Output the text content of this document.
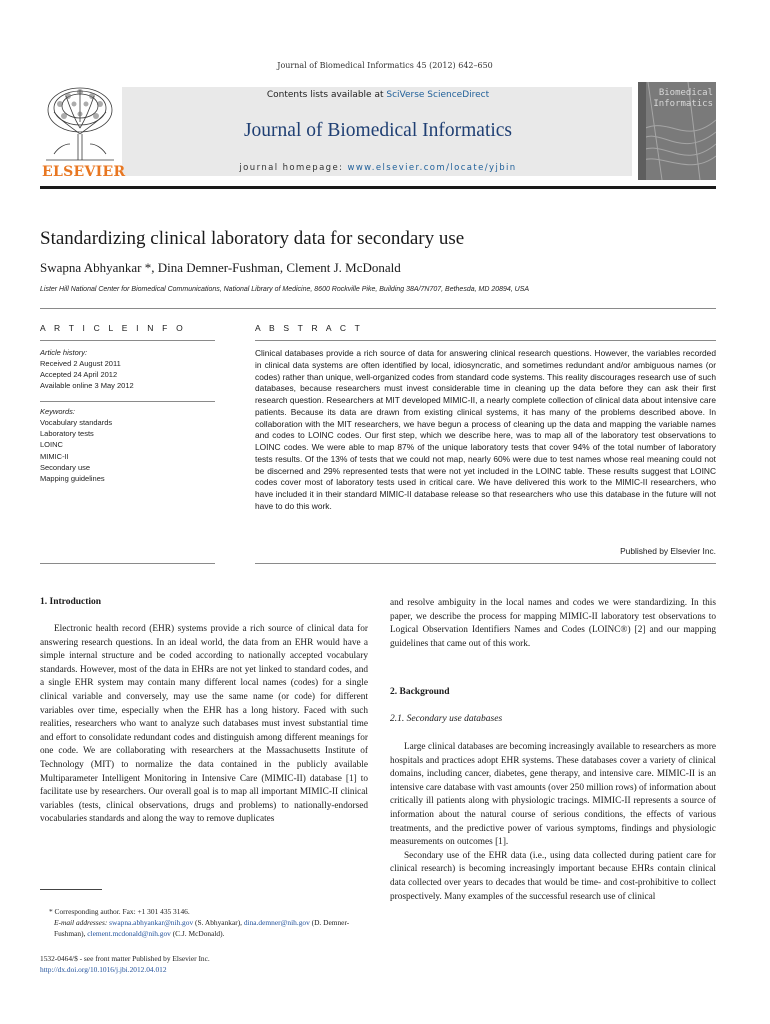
Journal of Biomedical Informatics 45 (2012) 642–650
ELSEVIER
Contents lists available at SciVerse ScienceDirect
Journal of Biomedical Informatics
journal homepage: www.elsevier.com/locate/yjbin
Biomedical
Informatics
Standardizing clinical laboratory data for secondary use
Swapna Abhyankar *, Dina Demner-Fushman, Clement J. McDonald
Lister Hill National Center for Biomedical Communications, National Library of Medicine, 8600 Rockville Pike, Building 38A/7N707, Bethesda, MD 20894, USA
A R T I C L E I N F O
Article history:
Received 2 August 2011
Accepted 24 April 2012
Available online 3 May 2012
Keywords:
Vocabulary standards
Laboratory tests
LOINC
MIMIC-II
Secondary use
Mapping guidelines
A B S T R A C T
Clinical databases provide a rich source of data for answering clinical research questions. However, the variables recorded in clinical data systems are often identified by local, idiosyncratic, and sometimes redundant and/or ambiguous names (or codes) rather than unique, well-organized codes from standard code systems. This reality discourages research use of such databases, because researchers must invest considerable time in cleaning up the data before they can ask their first research question. Researchers at MIT developed MIMIC-II, a nearly complete collection of clinical data about intensive care patients. Because its data are drawn from existing clinical systems, it has many of the problems described above. In collaboration with the MIT researchers, we have begun a process of cleaning up the data and mapping the variable names and codes to LOINC codes. Our first step, which we describe here, was to map all of the laboratory test observations to LOINC codes. We were able to map 87% of the unique laboratory tests that cover 94% of the total number of laboratory tests results. Of the 13% of tests that we could not map, nearly 60% were due to test names whose real meaning could not be discerned and 29% represented tests that were not yet included in the LOINC table. These results suggest that LOINC codes cover most of laboratory tests used in critical care. We have delivered this work to the MIMIC-II researchers, who have included it in their standard MIMIC-II database release so that researchers who use this database in the future will not have to do this work.
Published by Elsevier Inc.
1. Introduction

Electronic health record (EHR) systems provide a rich source of clinical data for answering research questions. In an ideal world, the data from an EHR would have a simple internal structure and be coded according to nationally accepted vocabulary standards. However, most of the data in EHRs are not yet linked to standard codes, and a single EHR system may contain many different local names (codes) for a single clinical variable and conversely, may use the same name (or code) for different variables over time, especially when the EHR has a long history. Faced with such realities, researchers who want to analyze such databases must invest substantial time and effort to consolidate redundant codes and distinguish among different meanings for one code. We are collaborating with researchers at the Massachusetts Institute of Technology (MIT) to normalize the data contained in the publicly available Multiparameter Intelligent Monitoring in Intensive Care (MIMIC-II) database [1] to facilitate use by researchers. Our overall goal is to map all important MIMIC-II clinical variables (tests, clinical observations, drugs and problems) to nationally-endorsed vocabularies standards and along the way to remove duplicates

* Corresponding author. Fax: +1 301 435 3146.
E-mail addresses: swapna.abhyankar@nih.gov (S. Abhyankar), dina.demner@nih.gov (D. Demner-Fushman), clement.mcdonald@nih.gov (C.J. McDonald).
1532-0464/$ - see front matter Published by Elsevier Inc.
http://dx.doi.org/10.1016/j.jbi.2012.04.012

and resolve ambiguity in the local names and codes we were standardizing. In this paper, we describe the process for mapping MIMIC-II laboratory test observations to Logical Observation Identifiers Names and Codes (LOINC®) [2] and our mapping guidelines that came out of this work.

2. Background
2.1. Secondary use databases

Large clinical databases are becoming increasingly available to researchers as more hospitals and practices adopt EHR systems. These databases cover a variety of clinical domains, including cancer, diabetes, gene therapy, and intensive care. MIMIC-II is an intensive care database with vast amounts (over 250 million rows) of information about critically ill patients along with physiologic tracings. MIMIC-II represents a source of information about the natural course of serious conditions, the effects of various treatments, and the predictive power of various symptoms, findings and physiologic measurements on outcomes [1].

Secondary use of the EHR data (i.e., using data collected during patient care for clinical research) is becoming increasingly important because EHRs contain clinical data collected over years to decades that would be time- and cost-prohibitive to collect prospectively. Many examples of the successful research use of clinical
